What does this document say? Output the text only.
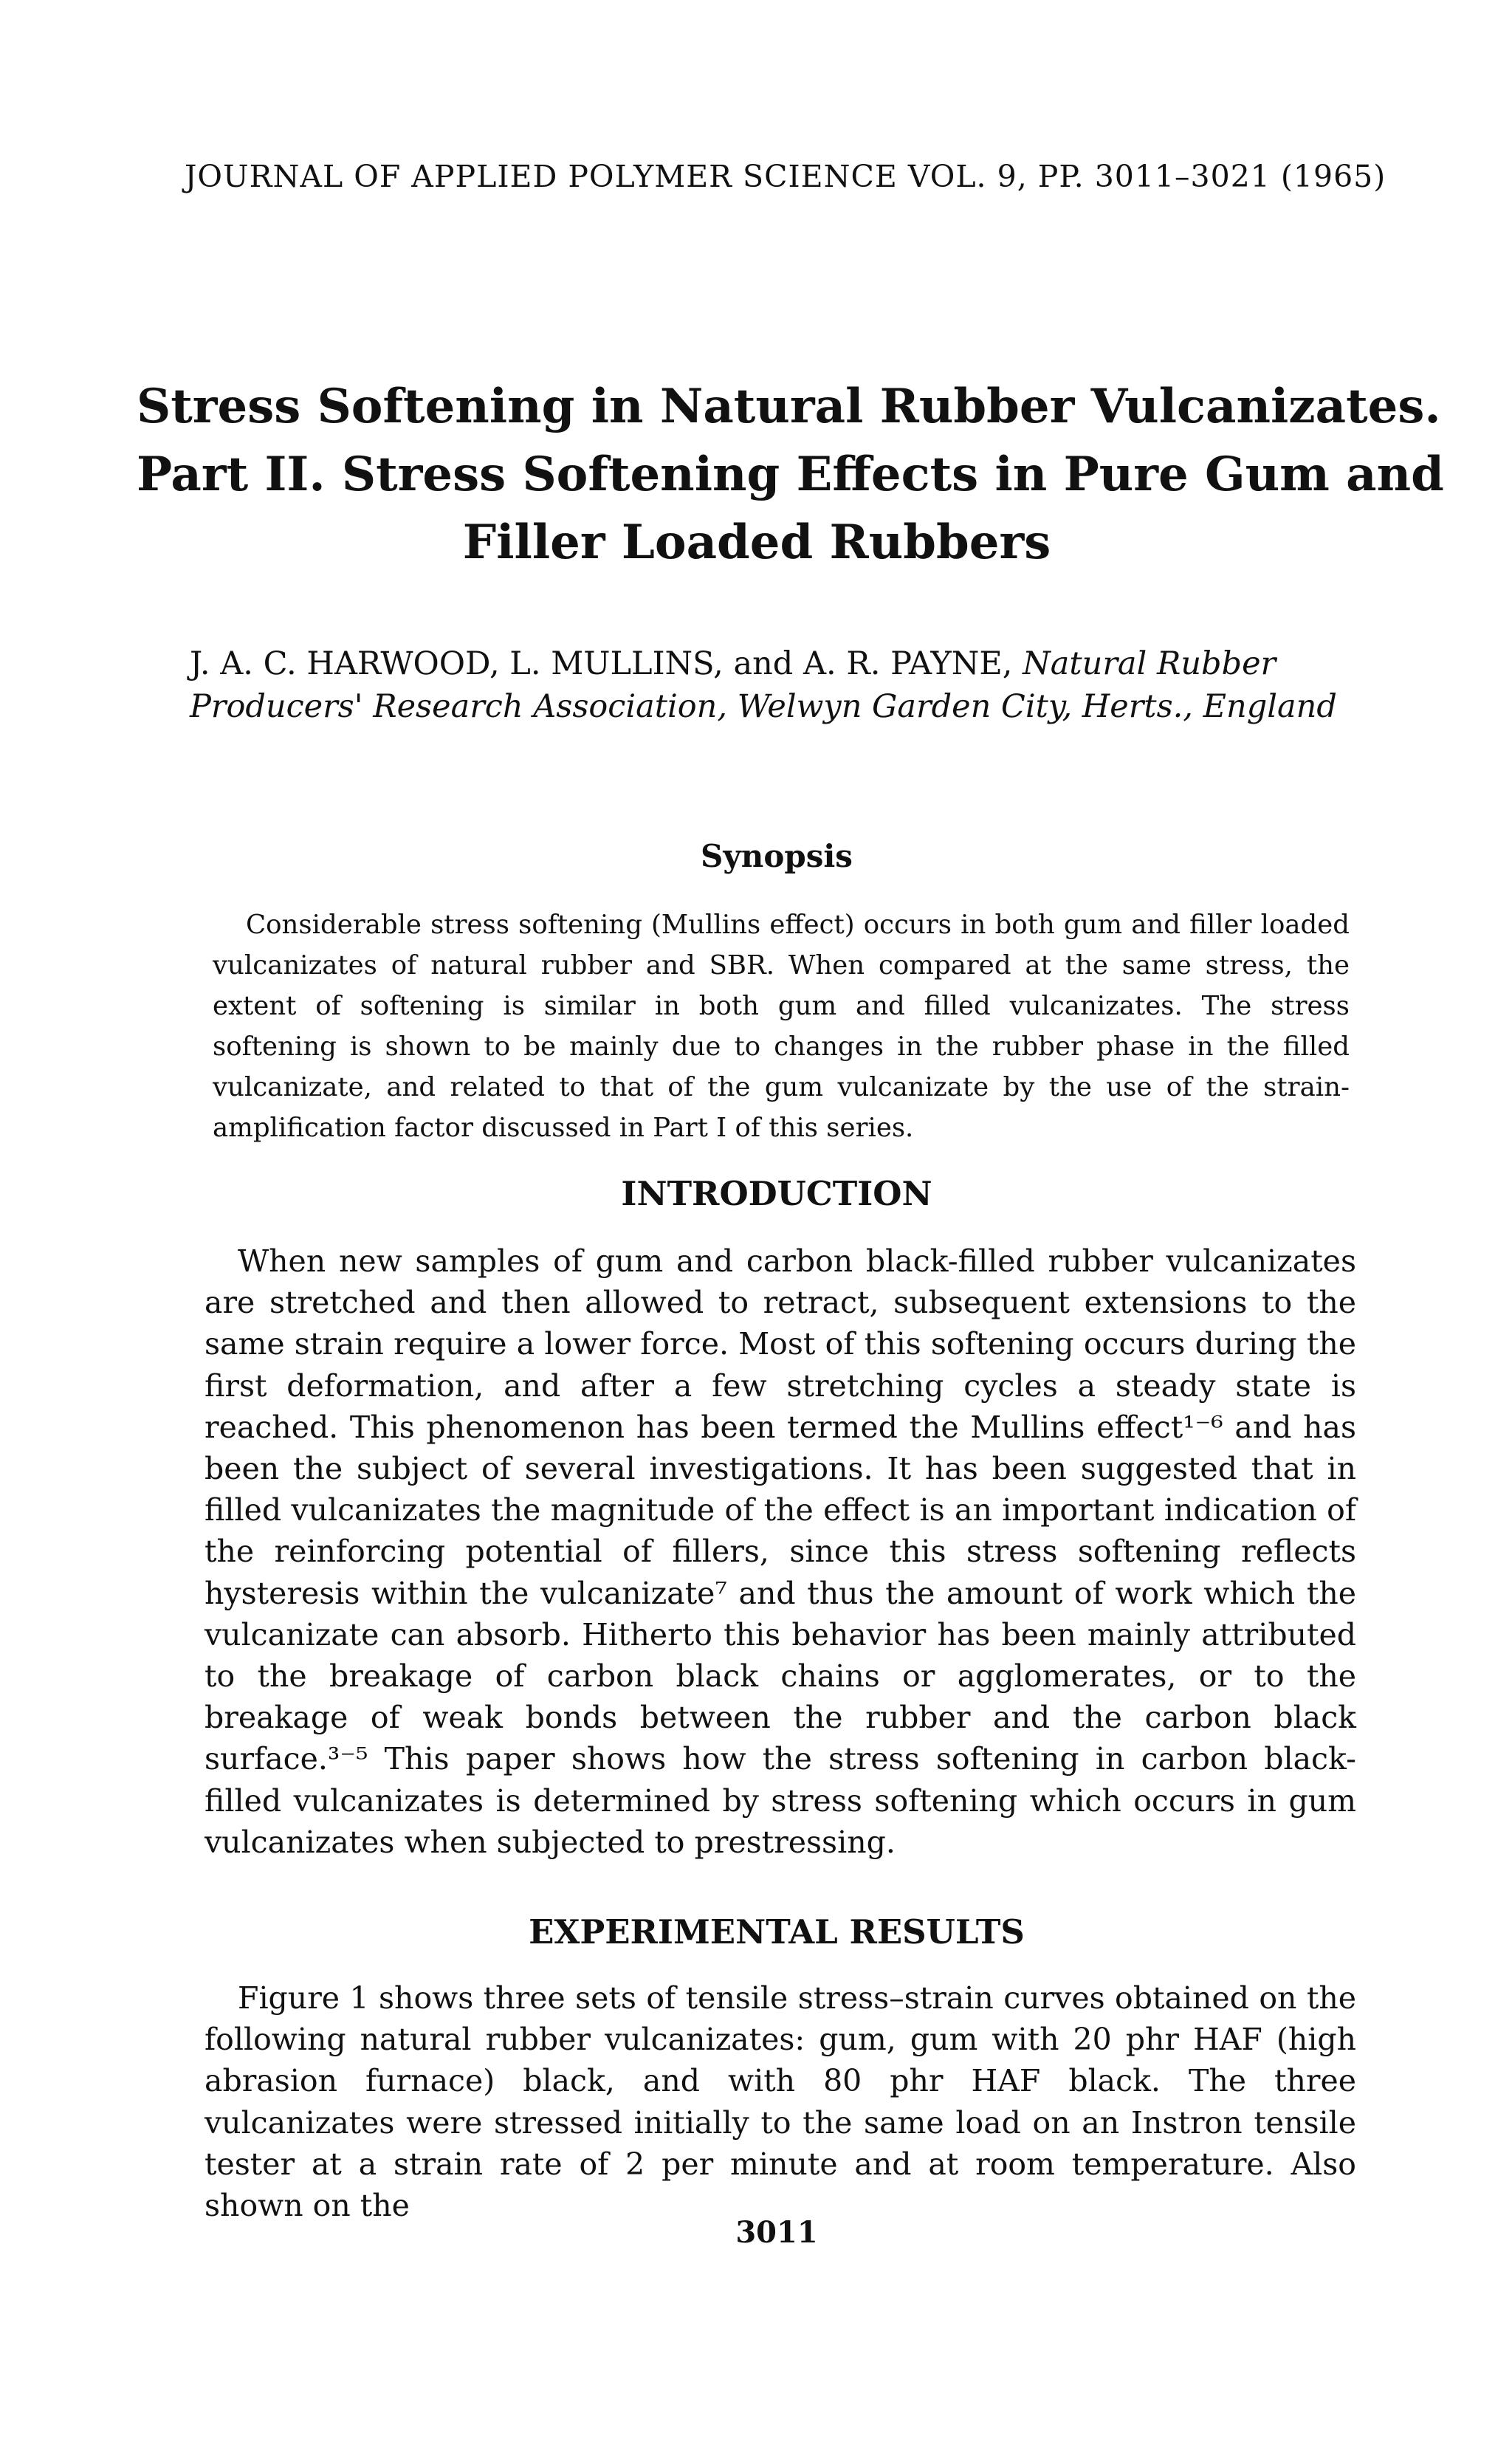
JOURNAL OF APPLIED POLYMER SCIENCE VOL. 9, PP. 3011–3021 (1965)
Stress Softening in Natural Rubber Vulcanizates.
Part II. Stress Softening Effects in Pure Gum and
Filler Loaded Rubbers
J. A. C. HARWOOD, L. MULLINS, and A. R. PAYNE, Natural Rubber
Producers' Research Association, Welwyn Garden City, Herts., England
Synopsis
Considerable stress softening (Mullins effect) occurs in both gum and filler loaded vulcanizates of natural rubber and SBR. When compared at the same stress, the extent of softening is similar in both gum and filled vulcanizates. The stress softening is shown to be mainly due to changes in the rubber phase in the filled vulcanizate, and related to that of the gum vulcanizate by the use of the strain-amplification factor discussed in Part I of this series.
INTRODUCTION
When new samples of gum and carbon black-filled rubber vulcanizates are stretched and then allowed to retract, subsequent extensions to the same strain require a lower force. Most of this softening occurs during the first deformation, and after a few stretching cycles a steady state is reached. This phenomenon has been termed the Mullins effect¹⁻⁶ and has been the subject of several investigations. It has been suggested that in filled vulcanizates the magnitude of the effect is an important indication of the reinforcing potential of fillers, since this stress softening reflects hysteresis within the vulcanizate⁷ and thus the amount of work which the vulcanizate can absorb. Hitherto this behavior has been mainly attributed to the breakage of carbon black chains or agglomerates, or to the breakage of weak bonds between the rubber and the carbon black surface.³⁻⁵ This paper shows how the stress softening in carbon black-filled vulcanizates is determined by stress softening which occurs in gum vulcanizates when subjected to prestressing.
EXPERIMENTAL RESULTS
Figure 1 shows three sets of tensile stress–strain curves obtained on the following natural rubber vulcanizates: gum, gum with 20 phr HAF (high abrasion furnace) black, and with 80 phr HAF black. The three vulcanizates were stressed initially to the same load on an Instron tensile tester at a strain rate of 2 per minute and at room temperature. Also shown on the
3011
